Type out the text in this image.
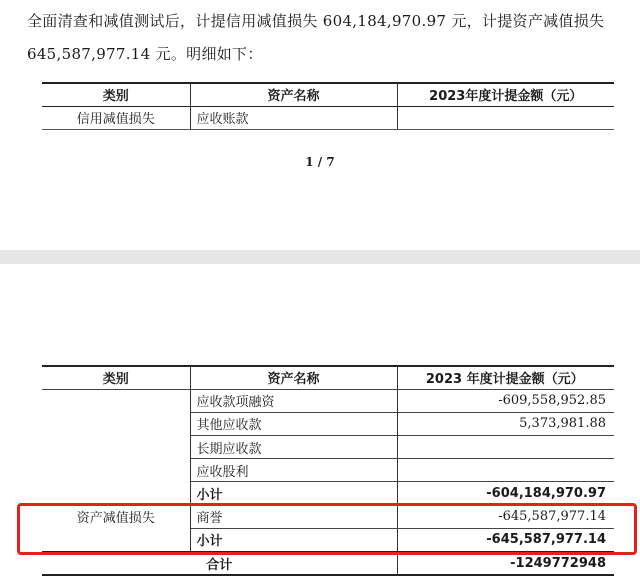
全面清查和减值测试后，计提信用减值损失 604,184,970.97 元，计提资产减值损失
645,587,977.14 元。明细如下：
类别	资产名称	2023年度计提金额（元）
信用减值损失	应收账款	
1 / 7
类别	资产名称	2023 年度计提金额（元）
	应收款项融资	-609,558,952.85
	其他应收款	5,373,981.88
	长期应收款	
	应收股利	
	小计	-604,184,970.97
资产减值损失	商誉	-645,587,977.14
	小计	-645,587,977.14
合计		-1249772948
